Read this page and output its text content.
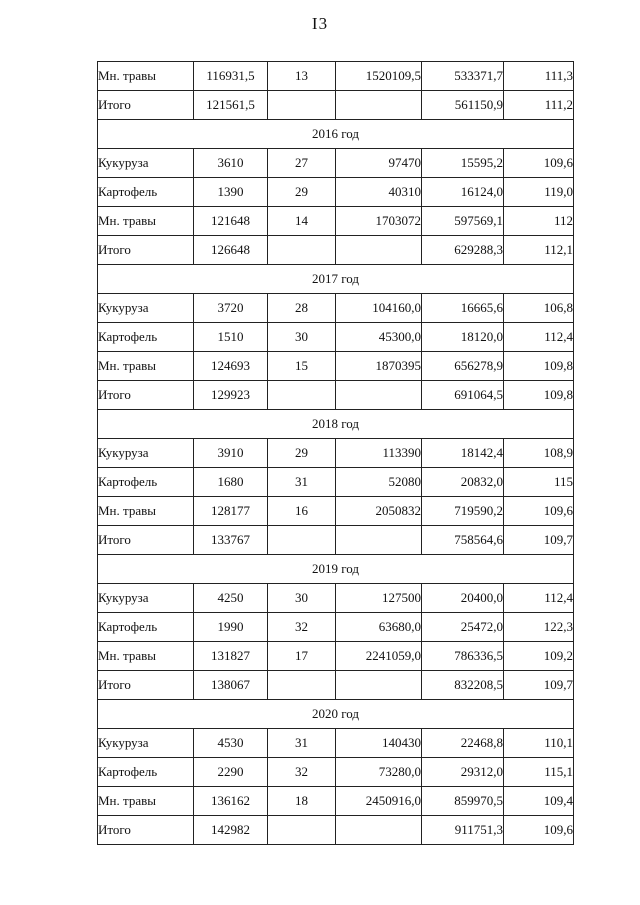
I3
Мн. травы	116931,5	13	1520109,5	533371,7	111,3
Итого	121561,5			561150,9	111,2
2016 год					
Кукуруза	3610	27	97470	15595,2	109,6
Картофель	1390	29	40310	16124,0	119,0
Мн. травы	121648	14	1703072	597569,1	112
Итого	126648			629288,3	112,1
2017 год					
Кукуруза	3720	28	104160,0	16665,6	106,8
Картофель	1510	30	45300,0	18120,0	112,4
Мн. травы	124693	15	1870395	656278,9	109,8
Итого	129923			691064,5	109,8
2018 год					
Кукуруза	3910	29	113390	18142,4	108,9
Картофель	1680	31	52080	20832,0	115
Мн. травы	128177	16	2050832	719590,2	109,6
Итого	133767			758564,6	109,7
2019 год					
Кукуруза	4250	30	127500	20400,0	112,4
Картофель	1990	32	63680,0	25472,0	122,3
Мн. травы	131827	17	2241059,0	786336,5	109,2
Итого	138067			832208,5	109,7
2020 год					
Кукуруза	4530	31	140430	22468,8	110,1
Картофель	2290	32	73280,0	29312,0	115,1
Мн. травы	136162	18	2450916,0	859970,5	109,4
Итого	142982			911751,3	109,6
